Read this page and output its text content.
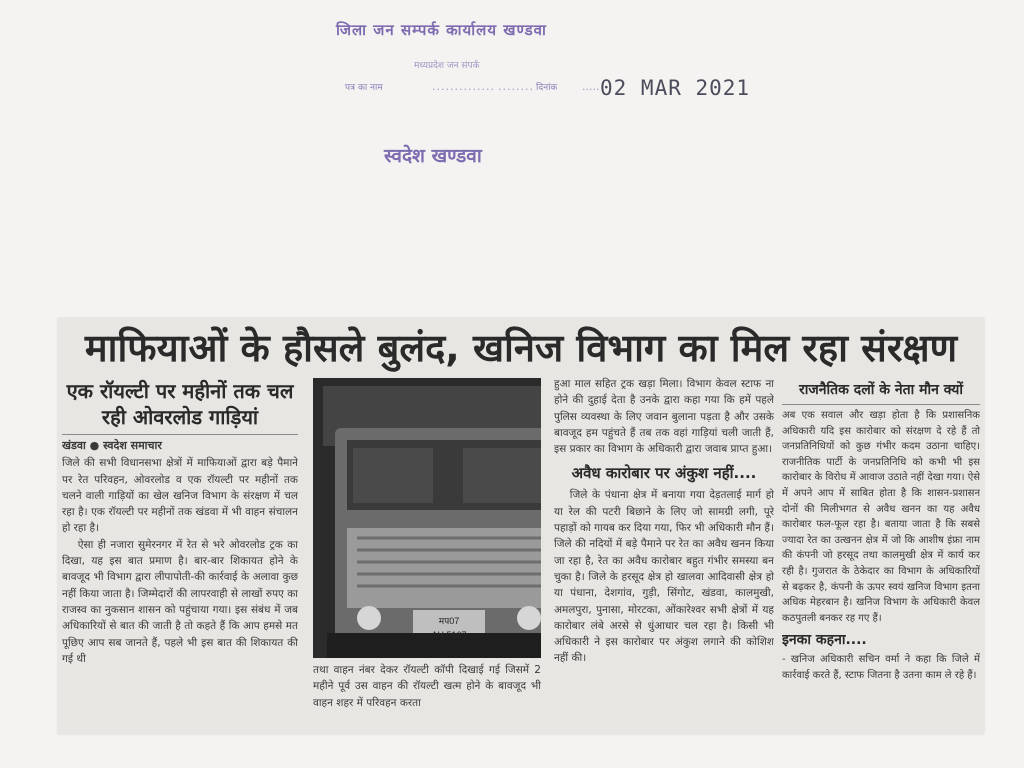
जिला जन सम्पर्क कार्यालय खण्डवा
मध्यप्रदेश जन संपर्क
पत्र का नाम	.............. ........ दिनांक ..... 02 MAR 2021
स्वदेश खण्डवा
माफियाओं के हौसले बुलंद, खनिज विभाग का मिल रहा संरक्षण
एक रॉयल्टी पर महीनों तक चल रही ओवरलोड गाड़ियां
खंडवा ● स्वदेश समाचार

जिले की सभी विधानसभा क्षेत्रों में माफियाओं द्वारा बड़े पैमाने पर रेत परिवहन, ओवरलोड व एक रॉयल्टी पर महीनों तक चलने वाली गाड़ियों का खेल खनिज विभाग के संरक्षण में चल रहा है। एक रॉयल्टी पर महीनों तक खंडवा में भी वाहन संचालन हो रहा है।

ऐसा ही नजारा सुमेरनगर में रेत से भरे ओवरलोड ट्रक का दिखा, यह इस बात प्रमाण है। बार-बार शिकायत होने के बावजूद भी विभाग द्वारा लीपापोती-की कार्रवाई के अलावा कुछ नहीं किया जाता है। जिम्मेदारों की लापरवाही से लाखों रुपए का राजस्व का नुकसान शासन को पहुंचाया गया। इस संबंध में जब अधिकारियों से बात की जाती है तो कहते हैं कि आप हमसे मत पूछिए आप सब जानते हैं, पहले भी इस बात की शिकायत की गई थी

मप07
AH 5167

तथा वाहन नंबर देकर रॉयल्टी कॉपी दिखाई गई जिसमें 2 महीने पूर्व उस वाहन की रॉयल्टी खत्म होने के बावजूद भी वाहन शहर में परिवहन करता

हुआ माल सहित ट्रक खड़ा मिला। विभाग केवल स्टाफ ना होने की दुहाई देता है उनके द्वारा कहा गया कि हमें पहले पुलिस व्यवस्था के लिए जवान बुलाना पड़ता है और उसके बावजूद हम पहुंचते हैं तब तक वहां गाड़ियां चली जाती हैं, इस प्रकार का विभाग के अधिकारी द्वारा जवाब प्राप्त हुआ।

अवैध कारोबार पर अंकुश नहीं....

जिले के पंधाना क्षेत्र में बनाया गया देड़तलाई मार्ग हो या रेल की पटरी बिछाने के लिए जो सामग्री लगी, पूरे पहाड़ों को गायब कर दिया गया, फिर भी अधिकारी मौन हैं। जिले की नदियों में बड़े पैमाने पर रेत का अवैध खनन किया जा रहा है, रेत का अवैध कारोबार बहुत गंभीर समस्या बन चुका है। जिले के हरसूद क्षेत्र हो खालवा आदिवासी क्षेत्र हो या पंधाना, देशगांव, गुड़ी, सिंगोट, खंडवा, कालमुखी, अमलपुरा, पुनासा, मोरटका, ओंकारेश्वर सभी क्षेत्रों में यह कारोबार लंबे अरसे से धुंआधार चल रहा है। किसी भी अधिकारी ने इस कारोबार पर अंकुश लगाने की कोशिश नहीं की।

राजनैतिक दलों के नेता मौन क्यों

अब एक सवाल और खड़ा होता है कि प्रशासनिक अधिकारी यदि इस कारोबार को संरक्षण दे रहे हैं तो जनप्रतिनिधियों को कुछ गंभीर कदम उठाना चाहिए। राजनीतिक पार्टी के जनप्रतिनिधि को कभी भी इस कारोबार के विरोध में आवाज उठाते नहीं देखा गया। ऐसे में अपने आप में साबित होता है कि शासन-प्रशासन दोनों की मिलीभगत से अवैध खनन का यह अवैध कारोबार फल-फूल रहा है। बताया जाता है कि सबसे ज्यादा रेत का उत्खनन क्षेत्र में जो कि आशीष इंफ्रा नाम की कंपनी जो हरसूद तथा कालमुखी क्षेत्र में कार्य कर रही है। गुजरात के ठेकेदार का विभाग के अधिकारियों से बढ़कर है, कंपनी के ऊपर स्वयं खनिज विभाग इतना अधिक मेहरबान है। खनिज विभाग के अधिकारी केवल कठपुतली बनकर रह गए हैं।

इनका कहना....

- खनिज अधिकारी सचिन वर्मा ने कहा कि जिले में कार्रवाई करते हैं, स्टाफ जितना है उतना काम ले रहे हैं।
